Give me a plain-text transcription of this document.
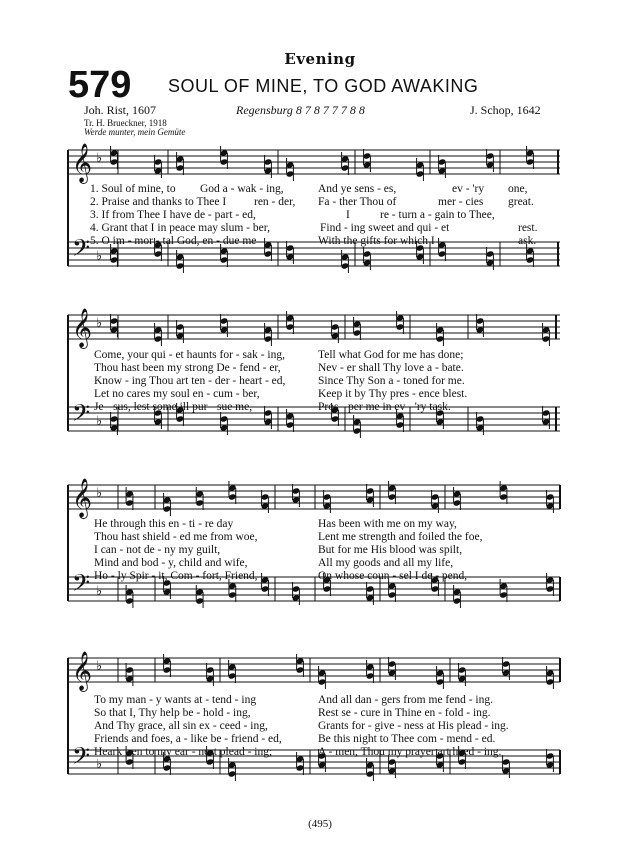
Evening
579 SOUL OF MINE, TO GOD AWAKING
Joh. Rist, 1607	Regensburg 8 7 8 7 7 7 8 8	J. Schop, 1642
Tr. H. Brueckner, 1918
Werde munter, mein Gemüte
𝄞
𝄢
♭
♭
1. Soul of mine, to God a - wak - ing,	And ye sens - es,	ev - 'ry one,
2. Praise and thanks to Thee I ren - der, Fa - ther Thou of	mer - cies great.
3. If from Thee I have de - part - ed,	I	re - turn a - gain to Thee,
4. Grant that I in peace may slum - ber,	Find - ing sweet and qui - et	rest.
5. O im - mor - tal God, en - due me	With the gifts for which I	ask.
𝄞
𝄢
♭
♭
Come, your qui - et haunts for - sak - ing,	Tell what God for me has done;
Thou hast been my strong De - fend - er,	Nev - er shall Thy love a - bate.
Know - ing Thou art ten - der - heart - ed,	Since Thy Son a - toned for me.
Let no cares my soul en - cum - ber,	Keep it by Thy pres - ence blest.
Je - sus, lest some ill pur - sue me,	Pros - per me in ev - 'ry task.
𝄞
𝄢
♭
♭
He through this en - ti - re day	Has been with me on my way,
Thou hast shield - ed me from woe,	Lent me strength and foiled the foe,
I can - not de - ny my guilt,	But for me His blood was spilt,
Mind and bod - y, child and wife,	All my goods and all my life,
Ho - ly Spir - it, Com - fort, Friend,	On whose coun - sel I de - pend,
𝄞
𝄢
♭
♭
To my man - y wants at - tend - ing	And all dan - gers from me fend - ing.
So that I, Thy help be - hold - ing,	Rest se - cure in Thine en - fold - ing.
And Thy grace, all sin ex - ceed - ing,	Grants for - give - ness at His plead - ing.
Friends and foes, a - like be - friend - ed,	Be this night to Thee com - mend - ed.
Heark - en to my ear - nest plead - ing;	A - men, Thou my prayer art heed - ing.
(495)
